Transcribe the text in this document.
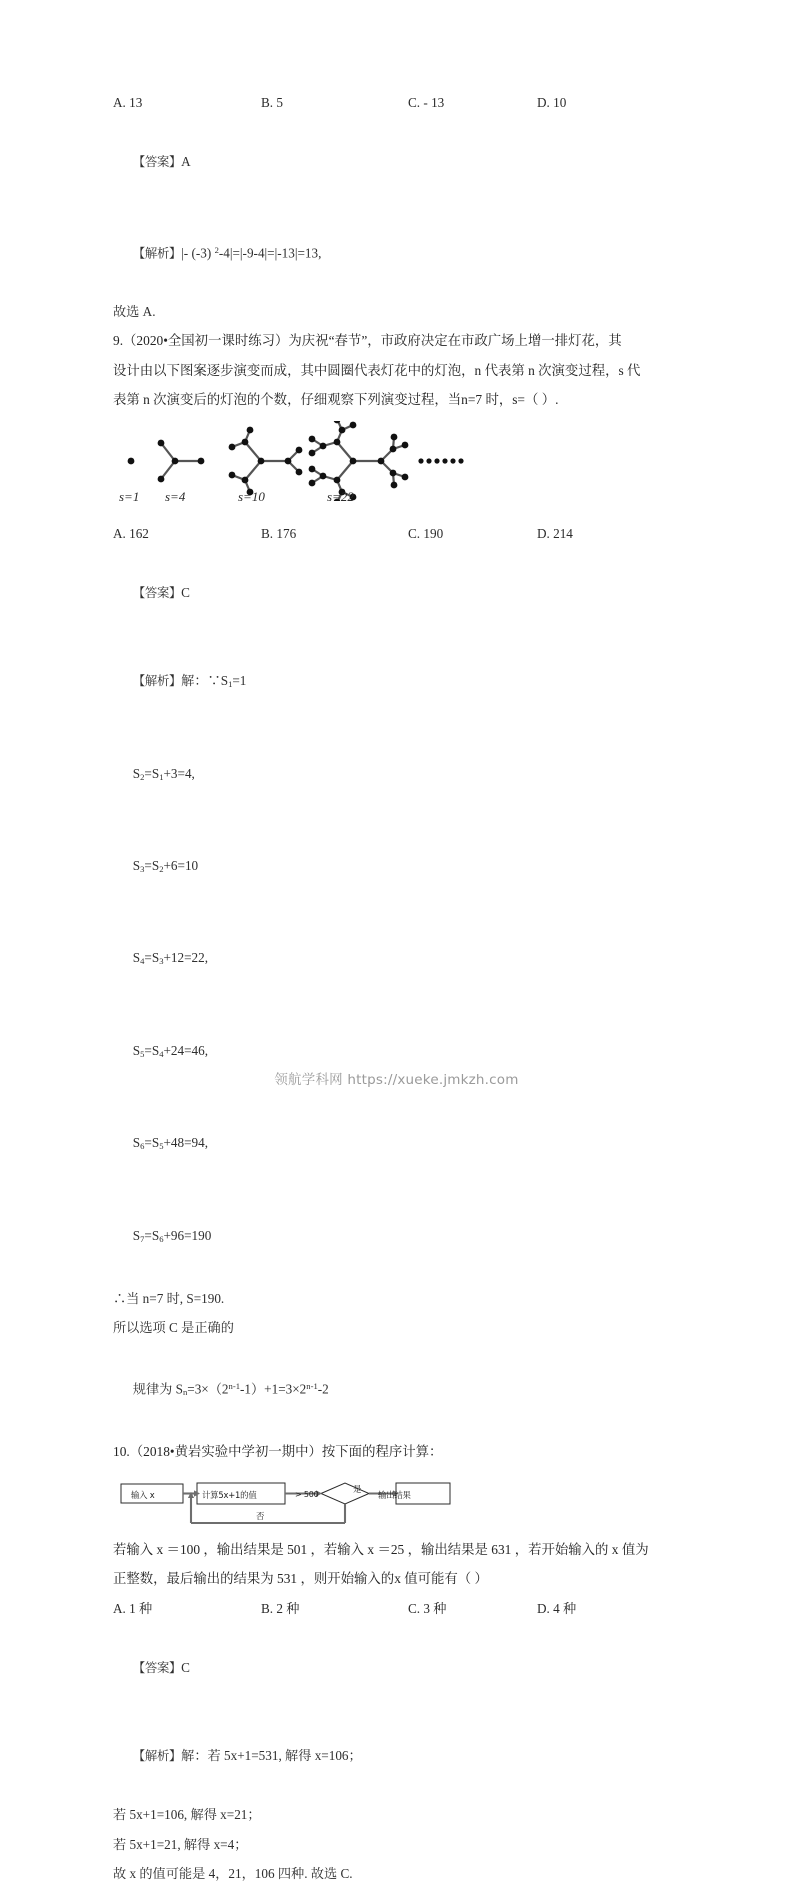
A. 13	B. 5	C. - 13	D. 10

【答案】A

【解析】|- (-3) $^2$-4|=|-9-4|=|-13|=13,

故选 A.
9.（2020•全国初一课时练习）为庆祝“春节”，市政府决定在市政广场上增一排灯花，其
设计由以下图案逐步演变而成，其中圆圈代表灯花中的灯泡，n 代表第 n 次演变过程，s 代
表第 n 次演变后的灯泡的个数，仔细观察下列演变过程，当n=7 时，s=（ ）.
s=1 s=4	s=10	s=22
A. 162	B. 176	C. 190	D. 214

【答案】C

【解析】解：$\because S_1=1$

$S_2=S_1+3=4$,

$S_3=S_2+6=10$

$S_4=S_3+12=22$,

$S_5=S_4+24=46$,

$S_6=S_5+48=94$,

$S_7=S_6+96=190$

∴当 n=7 时, S=190.
所以选项 C 是正确的

规律为 $S_n=3\times(2^{n-1}-1)+1=3\times 2^{n-1}-2$

10.（2018•黄岩实验中学初一期中）按下面的程序计算：
输入 x	计算5x+1的值	> 500
是
输出结果
否
若输入 x ＝100 ，输出结果是 501 ，若输入 x ＝25 ，输出结果是 631 ，若开始输入的 x 值为
正整数，最后输出的结果为 531 ，则开始输入的x 值可能有（ ）
A. 1 种	B. 2 种	C. 3 种	D. 4 种

【答案】C

【解析】解：若 5x+1=531, 解得 x=106；

若 5x+1=106, 解得 x=21；
若 5x+1=21, 解得 x=4；
故 x 的值可能是 4，21，106 四种. 故选 C.
领航学科网 https://xueke.jmkzh.com
